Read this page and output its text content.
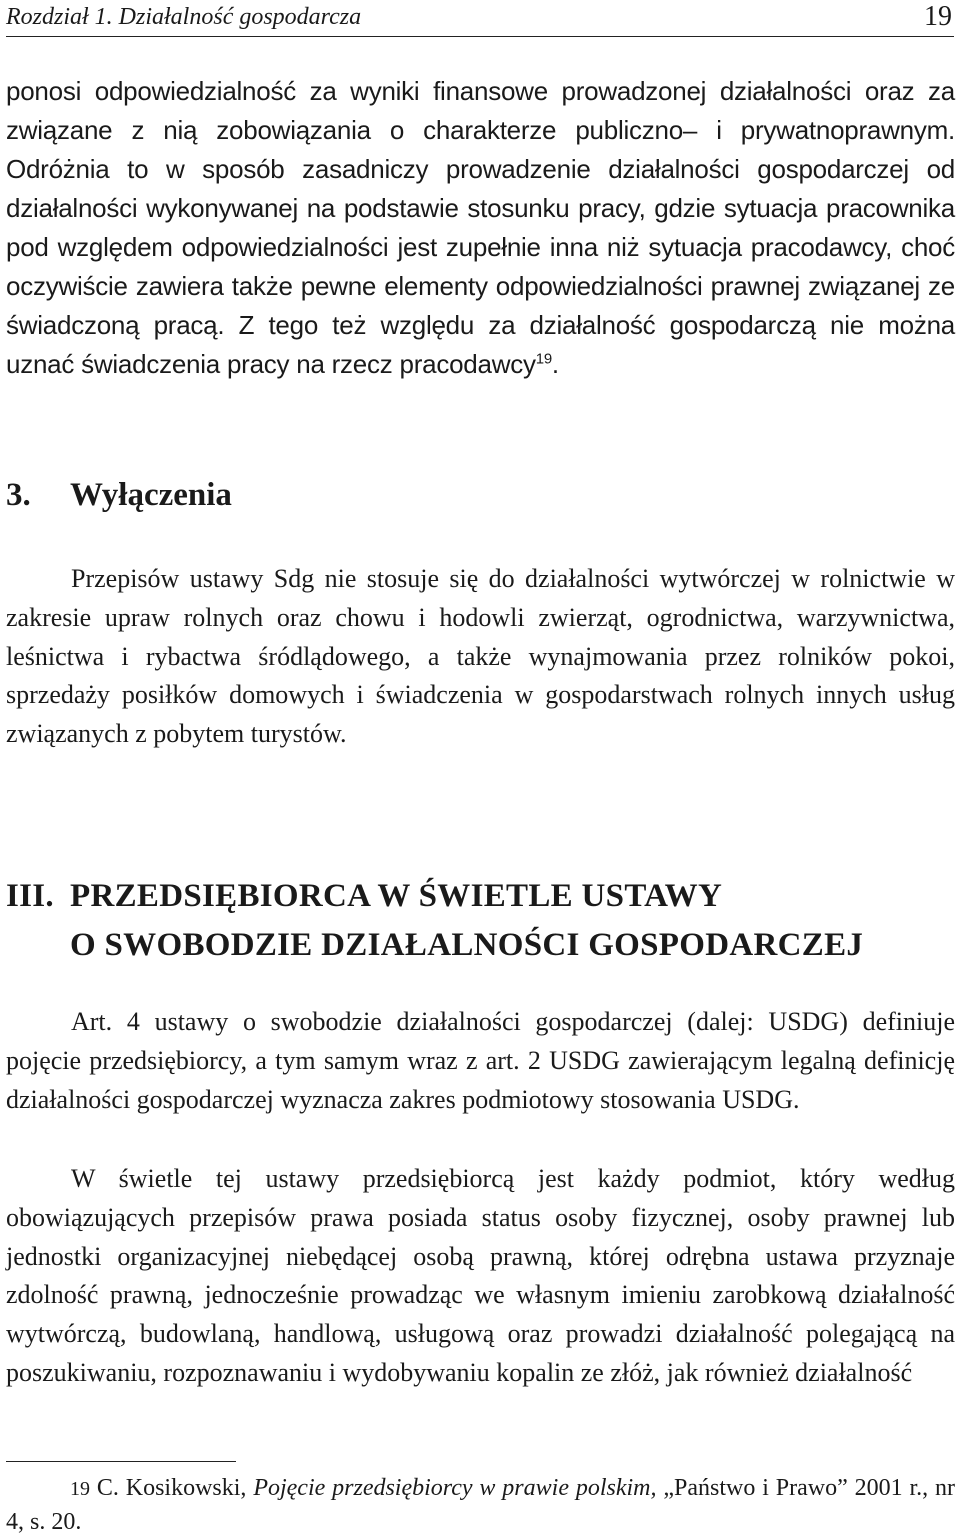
Rozdział 1. Działalność gospodarcza	19

ponosi odpowiedzialność za wyniki finansowe prowadzonej działalności oraz za związane z nią zobowiązania o charakterze publiczno– i prywatnoprawnym. Odróżnia to w sposób zasadniczy prowadzenie działalności gospodarczej od działalności wykonywanej na podstawie stosunku pracy, gdzie sytuacja pracownika pod względem odpowiedzialności jest zupełnie inna niż sytuacja pracodawcy, choć oczywiście zawiera także pewne elementy odpowiedzialności prawnej związanej ze świadczoną pracą. Z tego też względu za działalność gospodarczą nie można uznać świadczenia pracy na rzecz pracodawcy$^{19}$.

3. Wyłączenia

Przepisów ustawy Sdg nie stosuje się do działalności wytwórczej w rolnictwie w zakresie upraw rolnych oraz chowu i hodowli zwierząt, ogrodnictwa, warzywnictwa, leśnictwa i rybactwa śródlądowego, a także wynajmowania przez rolników pokoi, sprzedaży posiłków domowych i świadczenia w gospodarstwach rolnych innych usług związanych z pobytem turystów.

III. PRZEDSIĘBIORCA W ŚWIETLE USTAWY
O SWOBODZIE DZIAŁALNOŚCI GOSPODARCZEJ

Art. 4 ustawy o swobodzie działalności gospodarczej (dalej: USDG) definiuje pojęcie przedsiębiorcy, a tym samym wraz z art. 2 USDG zawierającym legalną definicję działalności gospodarczej wyznacza zakres podmiotowy stosowania USDG.

W świetle tej ustawy przedsiębiorcą jest każdy podmiot, który według obowiązujących przepisów prawa posiada status osoby fizycznej, osoby prawnej lub jednostki organizacyjnej niebędącej osobą prawną, której odrębna ustawa przyznaje zdolność prawną, jednocześnie prowadząc we własnym imieniu zarobkową działalność wytwórczą, budowlaną, handlową, usługową oraz prowadzi działalność polegającą na poszukiwaniu, rozpoznawaniu i wydobywaniu kopalin ze złóż, jak również działalność

19 C. Kosikowski, Pojęcie przedsiębiorcy w prawie polskim, „Państwo i Prawo” 2001 r., nr 4, s. 20.
